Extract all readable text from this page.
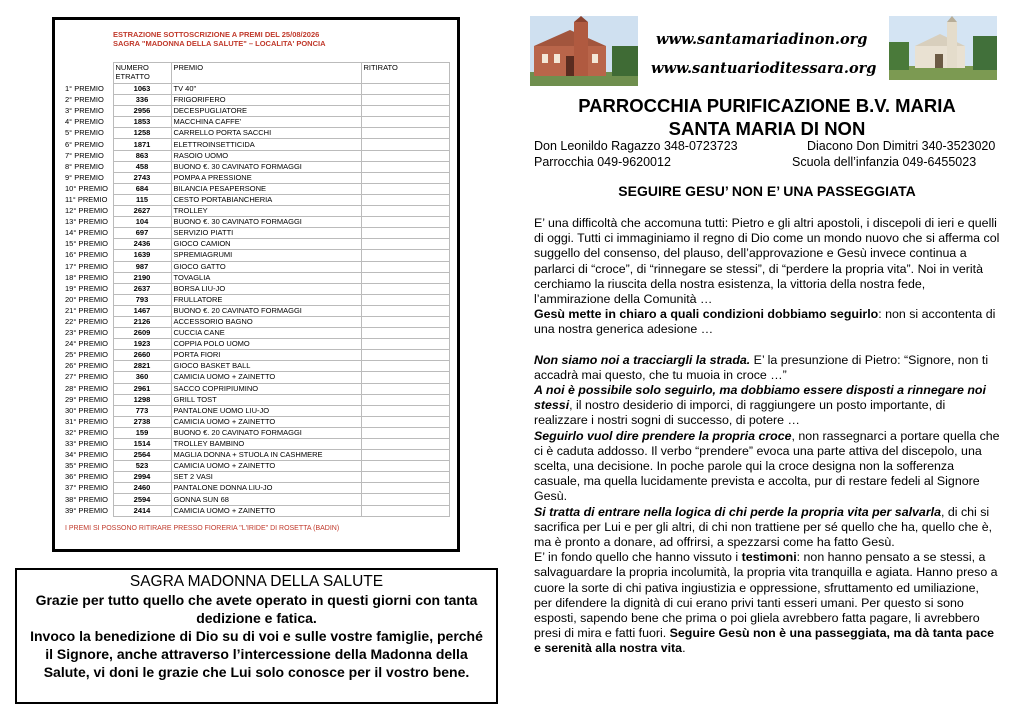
ESTRAZIONE SOTTOSCRIZIONE A PREMI DEL 25/08/2026
SAGRA "MADONNA DELLA SALUTE" – LOCALITA' PONCIA
	NUMERO ETRATTO	PREMIO	RITIRATO
1° PREMIO	1063	TV 40"	
2° PREMIO	336	FRIGORIFERO	
3° PREMIO	2956	DECESPUGLIATORE	
4° PREMIO	1853	MACCHINA CAFFE'	
5° PREMIO	1258	CARRELLO PORTA SACCHI	
6° PREMIO	1871	ELETTROINSETTICIDA	
7° PREMIO	863	RASOIO UOMO	
8° PREMIO	458	BUONO €. 30 CAVINATO FORMAGGI	
9° PREMIO	2743	POMPA A PRESSIONE	
10° PREMIO	684	BILANCIA PESAPERSONE	
11° PREMIO	115	CESTO PORTABIANCHERIA	
12° PREMIO	2627	TROLLEY	
13° PREMIO	104	BUONO €. 30 CAVINATO FORMAGGI	
14° PREMIO	697	SERVIZIO PIATTI	
15° PREMIO	2436	GIOCO CAMION	
16° PREMIO	1639	SPREMIAGRUMI	
17° PREMIO	987	GIOCO GATTO	
18° PREMIO	2190	TOVAGLIA	
19° PREMIO	2637	BORSA LIU-JO	
20° PREMIO	793	FRULLATORE	
21° PREMIO	1467	BUONO €. 20 CAVINATO FORMAGGI	
22° PREMIO	2126	ACCESSORIO BAGNO	
23° PREMIO	2609	CUCCIA CANE	
24° PREMIO	1923	COPPIA POLO UOMO	
25° PREMIO	2660	PORTA FIORI	
26° PREMIO	2821	GIOCO BASKET BALL	
27° PREMIO	360	CAMICIA UOMO + ZAINETTO	
28° PREMIO	2961	SACCO COPRIPIUMINO	
29° PREMIO	1298	GRILL TOST	
30° PREMIO	773	PANTALONE UOMO LIU-JO	
31° PREMIO	2738	CAMICIA UOMO + ZAINETTO	
32° PREMIO	159	BUONO €. 20 CAVINATO FORMAGGI	
33° PREMIO	1514	TROLLEY BAMBINO	
34° PREMIO	2564	MAGLIA DONNA + STUOLA IN CASHMERE	
35° PREMIO	523	CAMICIA UOMO + ZAINETTO	
36° PREMIO	2994	SET 2 VASI	
37° PREMIO	2460	PANTALONE DONNA LIU-JO	
38° PREMIO	2594	GONNA SUN 68	
39° PREMIO	2414	CAMICIA UOMO + ZAINETTO	
I PREMI SI POSSONO RITIRARE PRESSO FIORERIA "L'IRIDE" DI ROSETTA (BADIN)
SAGRA MADONNA DELLA SALUTE
Grazie per tutto quello che avete operato in questi giorni con tanta dedizione e fatica.
Invoco la benedizione di Dio su di voi e sulle vostre famiglie, perché il Signore, anche attraverso l’intercessione della Madonna della Salute, vi doni le grazie che Lui solo conosce per il vostro bene.
www.santamariadinon.org
www.santuarioditessara.org
PARROCCHIA PURIFICAZIONE B.V. MARIA
SANTA MARIA DI NON
Don Leonildo Ragazzo 348-0723723	Diacono Don Dimitri 340-3523020
Parrocchia 049-9620012	Scuola dell’infanzia 049-6455023
SEGUIRE GESU’ NON E’ UNA PASSEGGIATA

E’ una difficoltà che accomuna tutti: Pietro e gli altri apostoli, i discepoli di ieri e quelli di oggi. Tutti ci immaginiamo il regno di Dio come un mondo nuovo che si afferma col suggello del consenso, del plauso, dell’approvazione e Gesù invece continua a parlarci di “croce”, di “rinnegare se stessi”, di “perdere la propria vita”. Noi in verità cerchiamo la riuscita della nostra esistenza, la vittoria della nostra fede, l’ammirazione della Comunità …

Gesù mette in chiaro a quali condizioni dobbiamo seguirlo: non si accontenta di una nostra generica adesione …

Non siamo noi a tracciargli la strada. E’ la presunzione di Pietro: “Signore, non ti accadrà mai questo, che tu muoia in croce …”

A noi è possibile solo seguirlo, ma dobbiamo essere disposti a rinnegare noi stessi, il nostro desiderio di imporci, di raggiungere un posto importante, di realizzare i nostri sogni di successo, di potere …

Seguirlo vuol dire prendere la propria croce, non rassegnarci a portare quella che ci è caduta addosso. Il verbo “prendere” evoca una parte attiva del discepolo, una scelta, una decisione. In poche parole qui la croce designa non la sofferenza casuale, ma quella lucidamente prevista e accolta, pur di restare fedeli al Signore Gesù.

Si tratta di entrare nella logica di chi perde la propria vita per salvarla, di chi si sacrifica per Lui e per gli altri, di chi non trattiene per sé quello che ha, quello che è, ma è pronto a donare, ad offrirsi, a spezzarsi come ha fatto Gesù.

E’ in fondo quello che hanno vissuto i testimoni: non hanno pensato a se stessi, a salvaguardare la propria incolumità, la propria vita tranquilla e agiata. Hanno preso a cuore la sorte di chi pativa ingiustizia e oppressione, sfruttamento ed umiliazione, per difendere la dignità di cui erano privi tanti esseri umani. Per questo si sono esposti, sapendo bene che prima o poi gliela avrebbero fatta pagare, li avrebbero presi di mira e fatti fuori. Seguire Gesù non è una passeggiata, ma dà tanta pace e serenità alla nostra vita.
